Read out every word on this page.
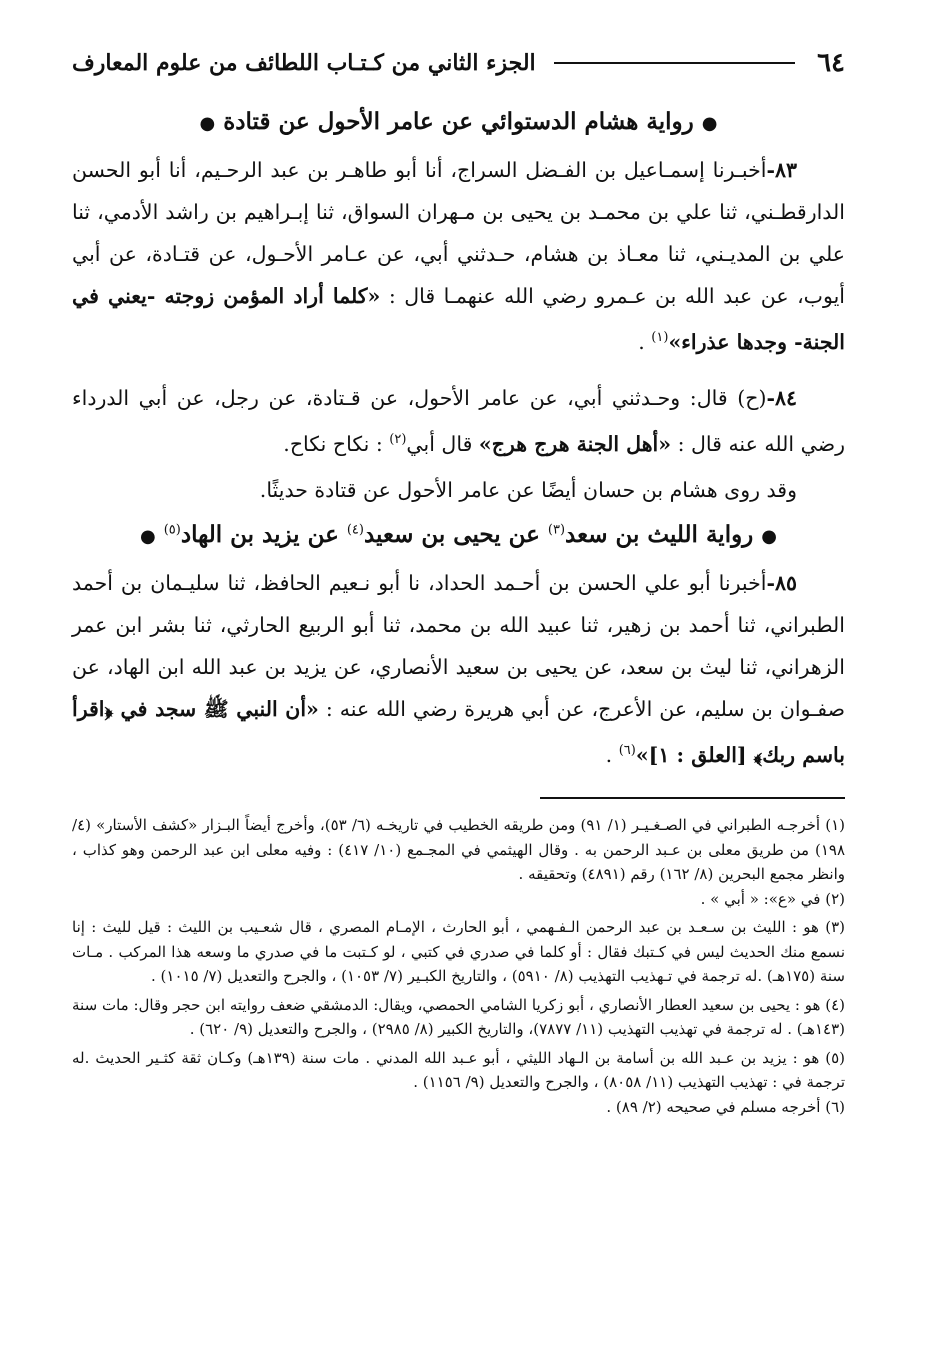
٦٤
الجزء الثاني من كـتـاب اللطائف من علوم المعارف

●رواية هشام الدستوائي عن عامر الأحول عن قتادة●

٨٣-أخبـرنا إسمـاعيل بن الفـضل السراج، أنا أبو طاهـر بن عبد الرحـيم، أنا أبو الحسن الدارقطـني، ثنا علي بن محمـد بن يحيى بن مـهران السواق، ثنا إبـراهيم بن راشد الأدمي، ثنا علي بن المديـني، ثنا معـاذ بن هشام، حـدثني أبي، عن عـامر الأحـول، عن قتـادة، عن أبي أيوب، عن عبد الله بن عـمرو رضي الله عنهمـا قال : «كلما أراد المؤمن زوجته -يعني في الجنة- وجدها عذراء»$^{(١)}$ .

٨٤-(ح) قال: وحـدثني أبي، عن عامر الأحول، عن قـتادة، عن رجل، عن أبي الدرداء رضي الله عنه قال : «أهل الجنة هرج هرج» قال أبي$^{(٢)}$ : نكاح نكاح.

وقد روى هشام بن حسان أيضًا عن عامر الأحول عن قتادة حديثًا.

●رواية الليث بن سعد$^{(٣)}$ عن يحيى بن سعيد$^{(٤)}$ عن يزيد بن الهاد$^{(٥)}$●

٨٥-أخبرنا أبو علي الحسن بن أحـمد الحداد، نا أبو نـعيم الحافظ، ثنا سليـمان بن أحمد الطبراني، ثنا أحمد بن زهير، ثنا عبيد الله بن محمد، ثنا أبو الربيع الحارثي، ثنا بشر ابن عمر الزهراني، ثنا ليث بن سعد، عن يحيى بن سعيد الأنصاري، عن يزيد بن عبد الله ابن الهاد، عن صفـوان بن سليم، عن الأعرج، عن أبي هريرة رضي الله عنه : «أن النبي ﷺ سجد في ﴿اقرأ باسم ربك﴾ [العلق : ١]»$^{(٦)}$ .

(١) أخرجـه الطبراني في الصـغـيـر (١/ ٩١) ومن طريقه الخطيب في تاريخـه (٦/ ٥٣)، وأخرج أيضاً البـزار «كشف الأستار» (٤/ ١٩٨) من طريق معلى بن عـبد الرحمن به . وقال الهيثمي في المجـمع (١٠/ ٤١٧) : وفيه معلى ابن عبد الرحمن وهو كذاب ، وانظر مجمع البحرين (٨/ ١٦٢) رقم (٤٨٩١) وتحقيقه .

(٢) في «ع»: « أبي » .

(٣) هو : الليث بن سـعـد بن عبد الرحمن الـفـهمي ، أبو الحارث ، الإمـام المصري ، قال شعـيب بن الليث : قيل لليث : إنا نسمع منك الحديث ليس في كـتبك فقال : أو كلما في صدري في كتبي ، لو كـتبت ما في صدري ما وسعه هذا المركب . مـات سنة (١٧٥هـ) .له ترجمة في تـهذيب التهذيب (٨/ ٥٩١٠) ، والتاريخ الكبـير (٧/ ١٠٥٣) ، والجرح والتعديل (٧/ ١٠١٥) .

(٤) هو : يحيى بن سعيد العطار الأنصاري ، أبو زكريا الشامي الحمصي، ويقال: الدمشقي ضعف روايته ابن حجر وقال: مات سنة (١٤٣هـ) . له ترجمة في تهذيب التهذيب (١١/ ٧٨٧٧)، والتاريخ الكبير (٨/ ٢٩٨٥) ، والجرح والتعديل (٩/ ٦٢٠) .

(٥) هو : يزيد بن عـبد الله بن أسامة بن الـهاد الليثي ، أبو عـبد الله المدني . مات سنة (١٣٩هـ) وكـان ثقة كثـير الحديث .له ترجمة في : تهذيب التهذيب (١١/ ٨٠٥٨) ، والجرح والتعديل (٩/ ١١٥٦) .

(٦) أخرجه مسلم في صحيحه (٢/ ٨٩) .
